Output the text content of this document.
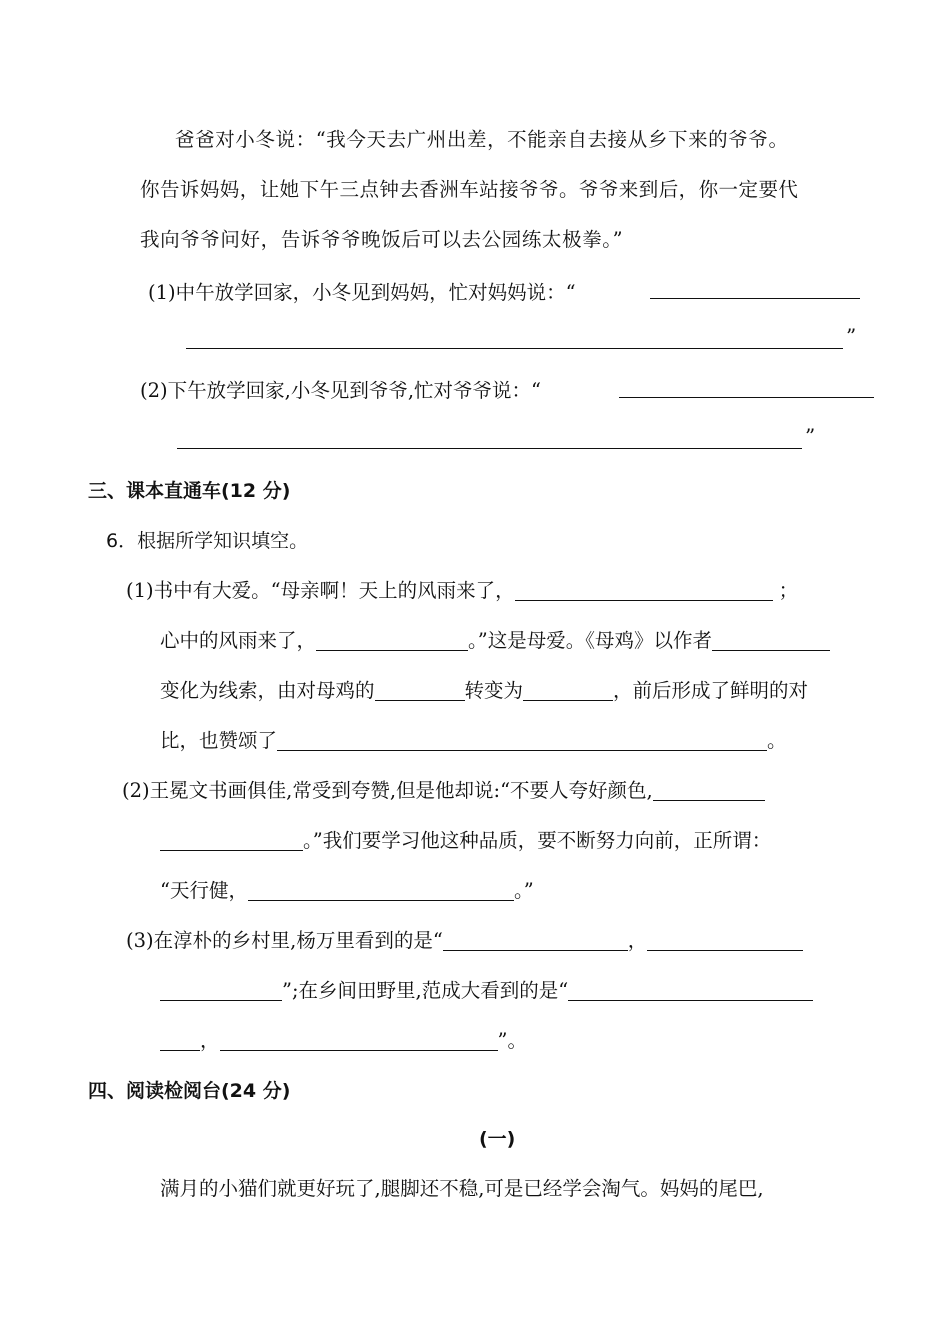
爸爸对小冬说：“我今天去广州出差，不能亲自去接从乡下来的爷爷。
你告诉妈妈，让她下午三点钟去香洲车站接爷爷。爷爷来到后，你一定要代
我向爷爷问好，告诉爷爷晚饭后可以去公园练太极拳。”
(1)中午放学回家，小冬见到妈妈，忙对妈妈说：“
”
(2)下午放学回家,小冬见到爷爷,忙对爷爷说：“
”
三、课本直通车(12 分)
6．根据所学知识填空。
(1)书中有大爱。“母亲啊！天上的风雨来了，	；
心中的风雨来了，	。”这是母爱。《母鸡》以作者
变化为线索，由对母鸡的	转变为	，前后形成了鲜明的对
比，也赞颂了	。
(2)王冕文书画俱佳,常受到夸赞,但是他却说:“不要人夸好颜色,
。”我们要学习他这种品质，要不断努力向前，正所谓：
“天行健，	。”
(3)在淳朴的乡村里,杨万里看到的是“	，
”;在乡间田野里,范成大看到的是“
，	”。
四、阅读检阅台(24 分)
(一)
满月的小猫们就更好玩了,腿脚还不稳,可是已经学会淘气。妈妈的尾巴,
